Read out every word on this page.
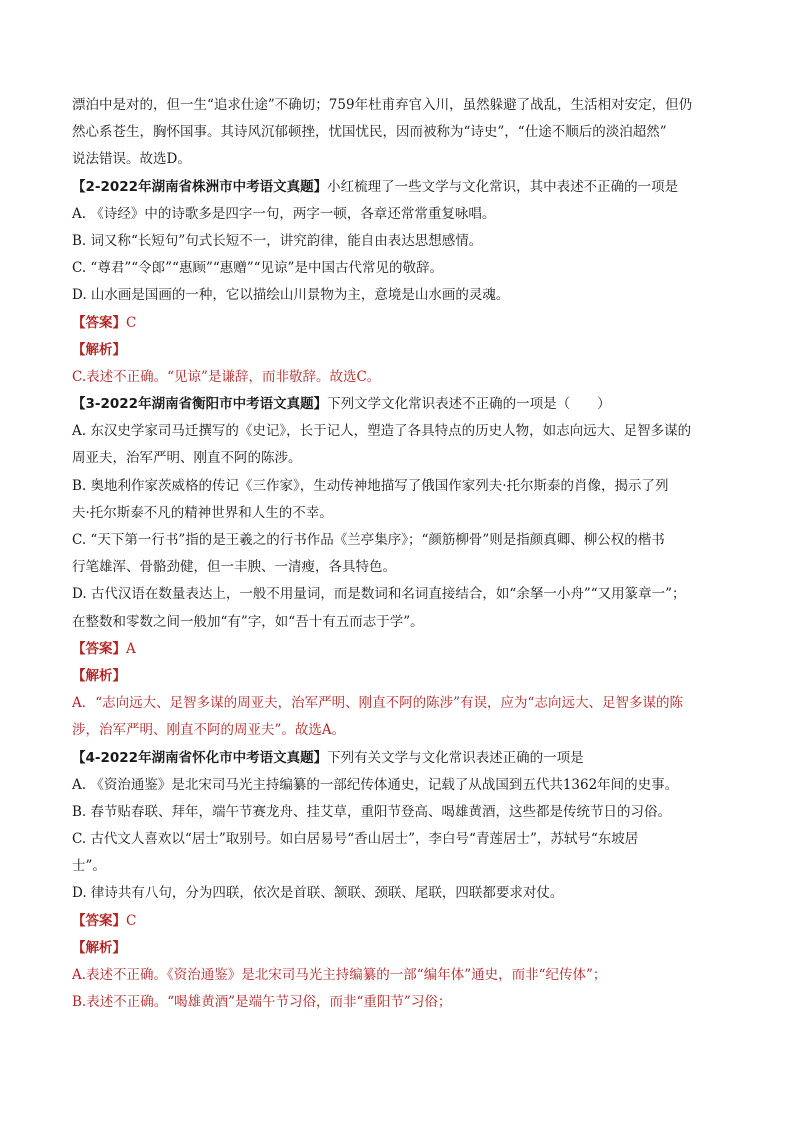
漂泊中是对的，但一生“追求仕途”不确切；759年杜甫弃官入川，虽然躲避了战乱，生活相对安定，但仍
然心系苍生，胸怀国事。其诗风沉郁顿挫，忧国忧民，因而被称为“诗史”，“仕途不顺后的淡泊超然”
说法错误。故选D。
【2-2022年湖南省株洲市中考语文真题】小红梳理了一些文学与文化常识，其中表述不正确的一项是
A. 《诗经》中的诗歌多是四字一句，两字一顿，各章还常常重复咏唱。
B. 词又称“长短句”句式长短不一，讲究韵律，能自由表达思想感情。
C. “尊君”“令郎”“惠顾”“惠赠”“见谅”是中国古代常见的敬辞。
D. 山水画是国画的一种，它以描绘山川景物为主，意境是山水画的灵魂。
【答案】C
【解析】
C.表述不正确。“见谅”是谦辞，而非敬辞。故选C。
【3-2022年湖南省衡阳市中考语文真题】下列文学文化常识表述不正确的一项是（　　）
A. 东汉史学家司马迁撰写的《史记》，长于记人，塑造了各具特点的历史人物，如志向远大、足智多谋的
周亚夫，治军严明、刚直不阿的陈涉。
B. 奥地利作家茨威格的传记《三作家》，生动传神地描写了俄国作家列夫·托尔斯泰的肖像，揭示了列
夫·托尔斯泰不凡的精神世界和人生的不幸。
C. “天下第一行书”指的是王羲之的行书作品《兰亭集序》；“颜筋柳骨”则是指颜真卿、柳公权的楷书
行笔雄浑、骨骼劲健，但一丰腴、一清瘦，各具特色。
D. 古代汉语在数量表达上，一般不用量词，而是数词和名词直接结合，如“余拏一小舟”“又用篆章一”；
在整数和零数之间一般加“有”字，如“吾十有五而志于学”。
【答案】A
【解析】
A．“志向远大、足智多谋的周亚夫，治军严明、刚直不阿的陈涉”有误，应为“志向远大、足智多谋的陈
涉，治军严明、刚直不阿的周亚夫”。故选A。
【4-2022年湖南省怀化市中考语文真题】下列有关文学与文化常识表述正确的一项是
A. 《资治通鉴》是北宋司马光主持编纂的一部纪传体通史，记载了从战国到五代共1362年间的史事。
B. 春节贴春联、拜年，端午节赛龙舟、挂艾草，重阳节登高、喝雄黄酒，这些都是传统节日的习俗。
C. 古代文人喜欢以“居士”取别号。如白居易号“香山居士”，李白号“青莲居士”，苏轼号“东坡居
士”。
D. 律诗共有八句，分为四联，依次是首联、颔联、颈联、尾联，四联都要求对仗。
【答案】C
【解析】
A.表述不正确。《资治通鉴》是北宋司马光主持编纂的一部“编年体”通史，而非“纪传体”；
B.表述不正确。“喝雄黄酒”是端午节习俗，而非“重阳节”习俗；
